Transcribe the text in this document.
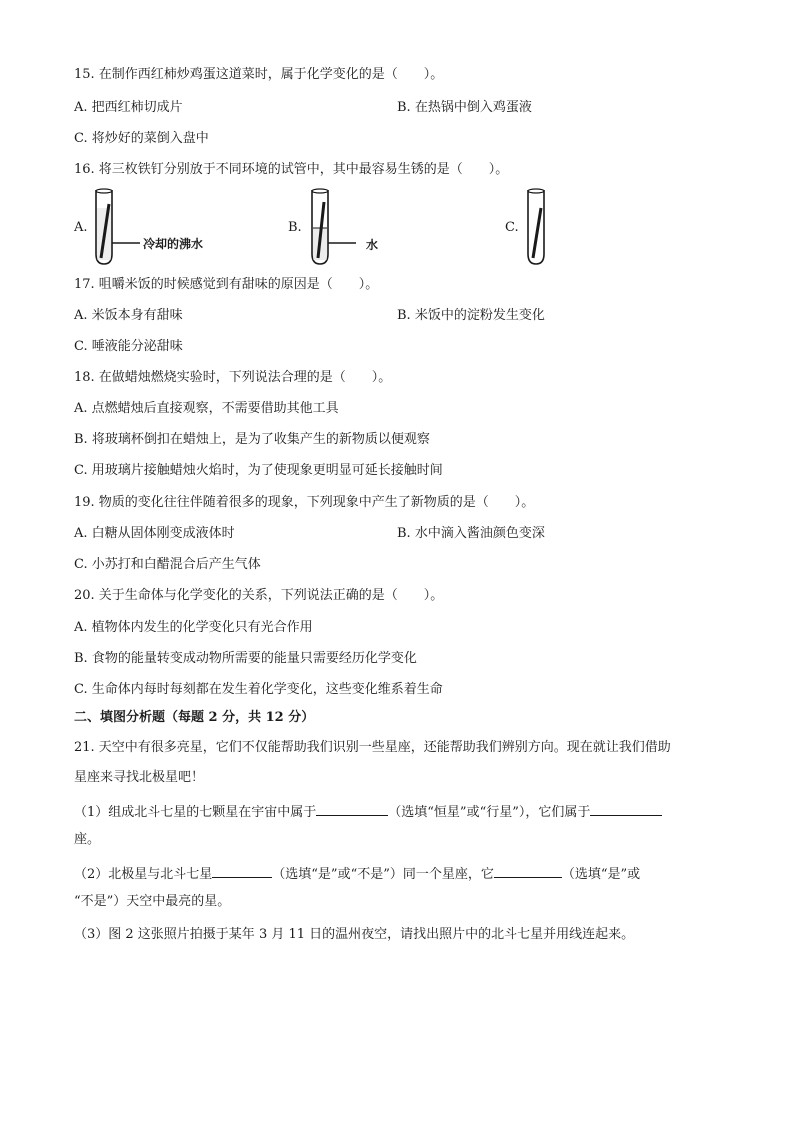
15. 在制作西红柿炒鸡蛋这道菜时，属于化学变化的是（　　）。
A. 把西红柿切成片	B. 在热锅中倒入鸡蛋液
C. 将炒好的菜倒入盘中
16. 将三枚铁钉分别放于不同环境的试管中，其中最容易生锈的是（　　）。
A.
冷却的沸水
B.
水
C.
17. 咀嚼米饭的时候感觉到有甜味的原因是（　　）。
A. 米饭本身有甜味	B. 米饭中的淀粉发生变化
C. 唾液能分泌甜味
18. 在做蜡烛燃烧实验时，下列说法合理的是（　　）。
A. 点燃蜡烛后直接观察，不需要借助其他工具
B. 将玻璃杯倒扣在蜡烛上，是为了收集产生的新物质以便观察
C. 用玻璃片接触蜡烛火焰时，为了使现象更明显可延长接触时间
19. 物质的变化往往伴随着很多的现象，下列现象中产生了新物质的是（　　）。
A. 白糖从固体刚变成液体时	B. 水中滴入酱油颜色变深
C. 小苏打和白醋混合后产生气体
20. 关于生命体与化学变化的关系，下列说法正确的是（　　）。
A. 植物体内发生的化学变化只有光合作用
B. 食物的能量转变成动物所需要的能量只需要经历化学变化
C. 生命体内每时每刻都在发生着化学变化，这些变化维系着生命
二、填图分析题（每题 2 分，共 12 分）
21. 天空中有很多亮星，它们不仅能帮助我们识别一些星座，还能帮助我们辨别方向。现在就让我们借助
星座来寻找北极星吧！
（1）组成北斗七星的七颗星在宇宙中属于	（选填“恒星”或“行星”），它们属于
座。
（2）北极星与北斗七星	（选填“是”或“不是”）同一个星座，它	（选填“是”或
“不是”）天空中最亮的星。
（3）图 2 这张照片拍摄于某年 3 月 11 日的温州夜空，请找出照片中的北斗七星并用线连起来。
